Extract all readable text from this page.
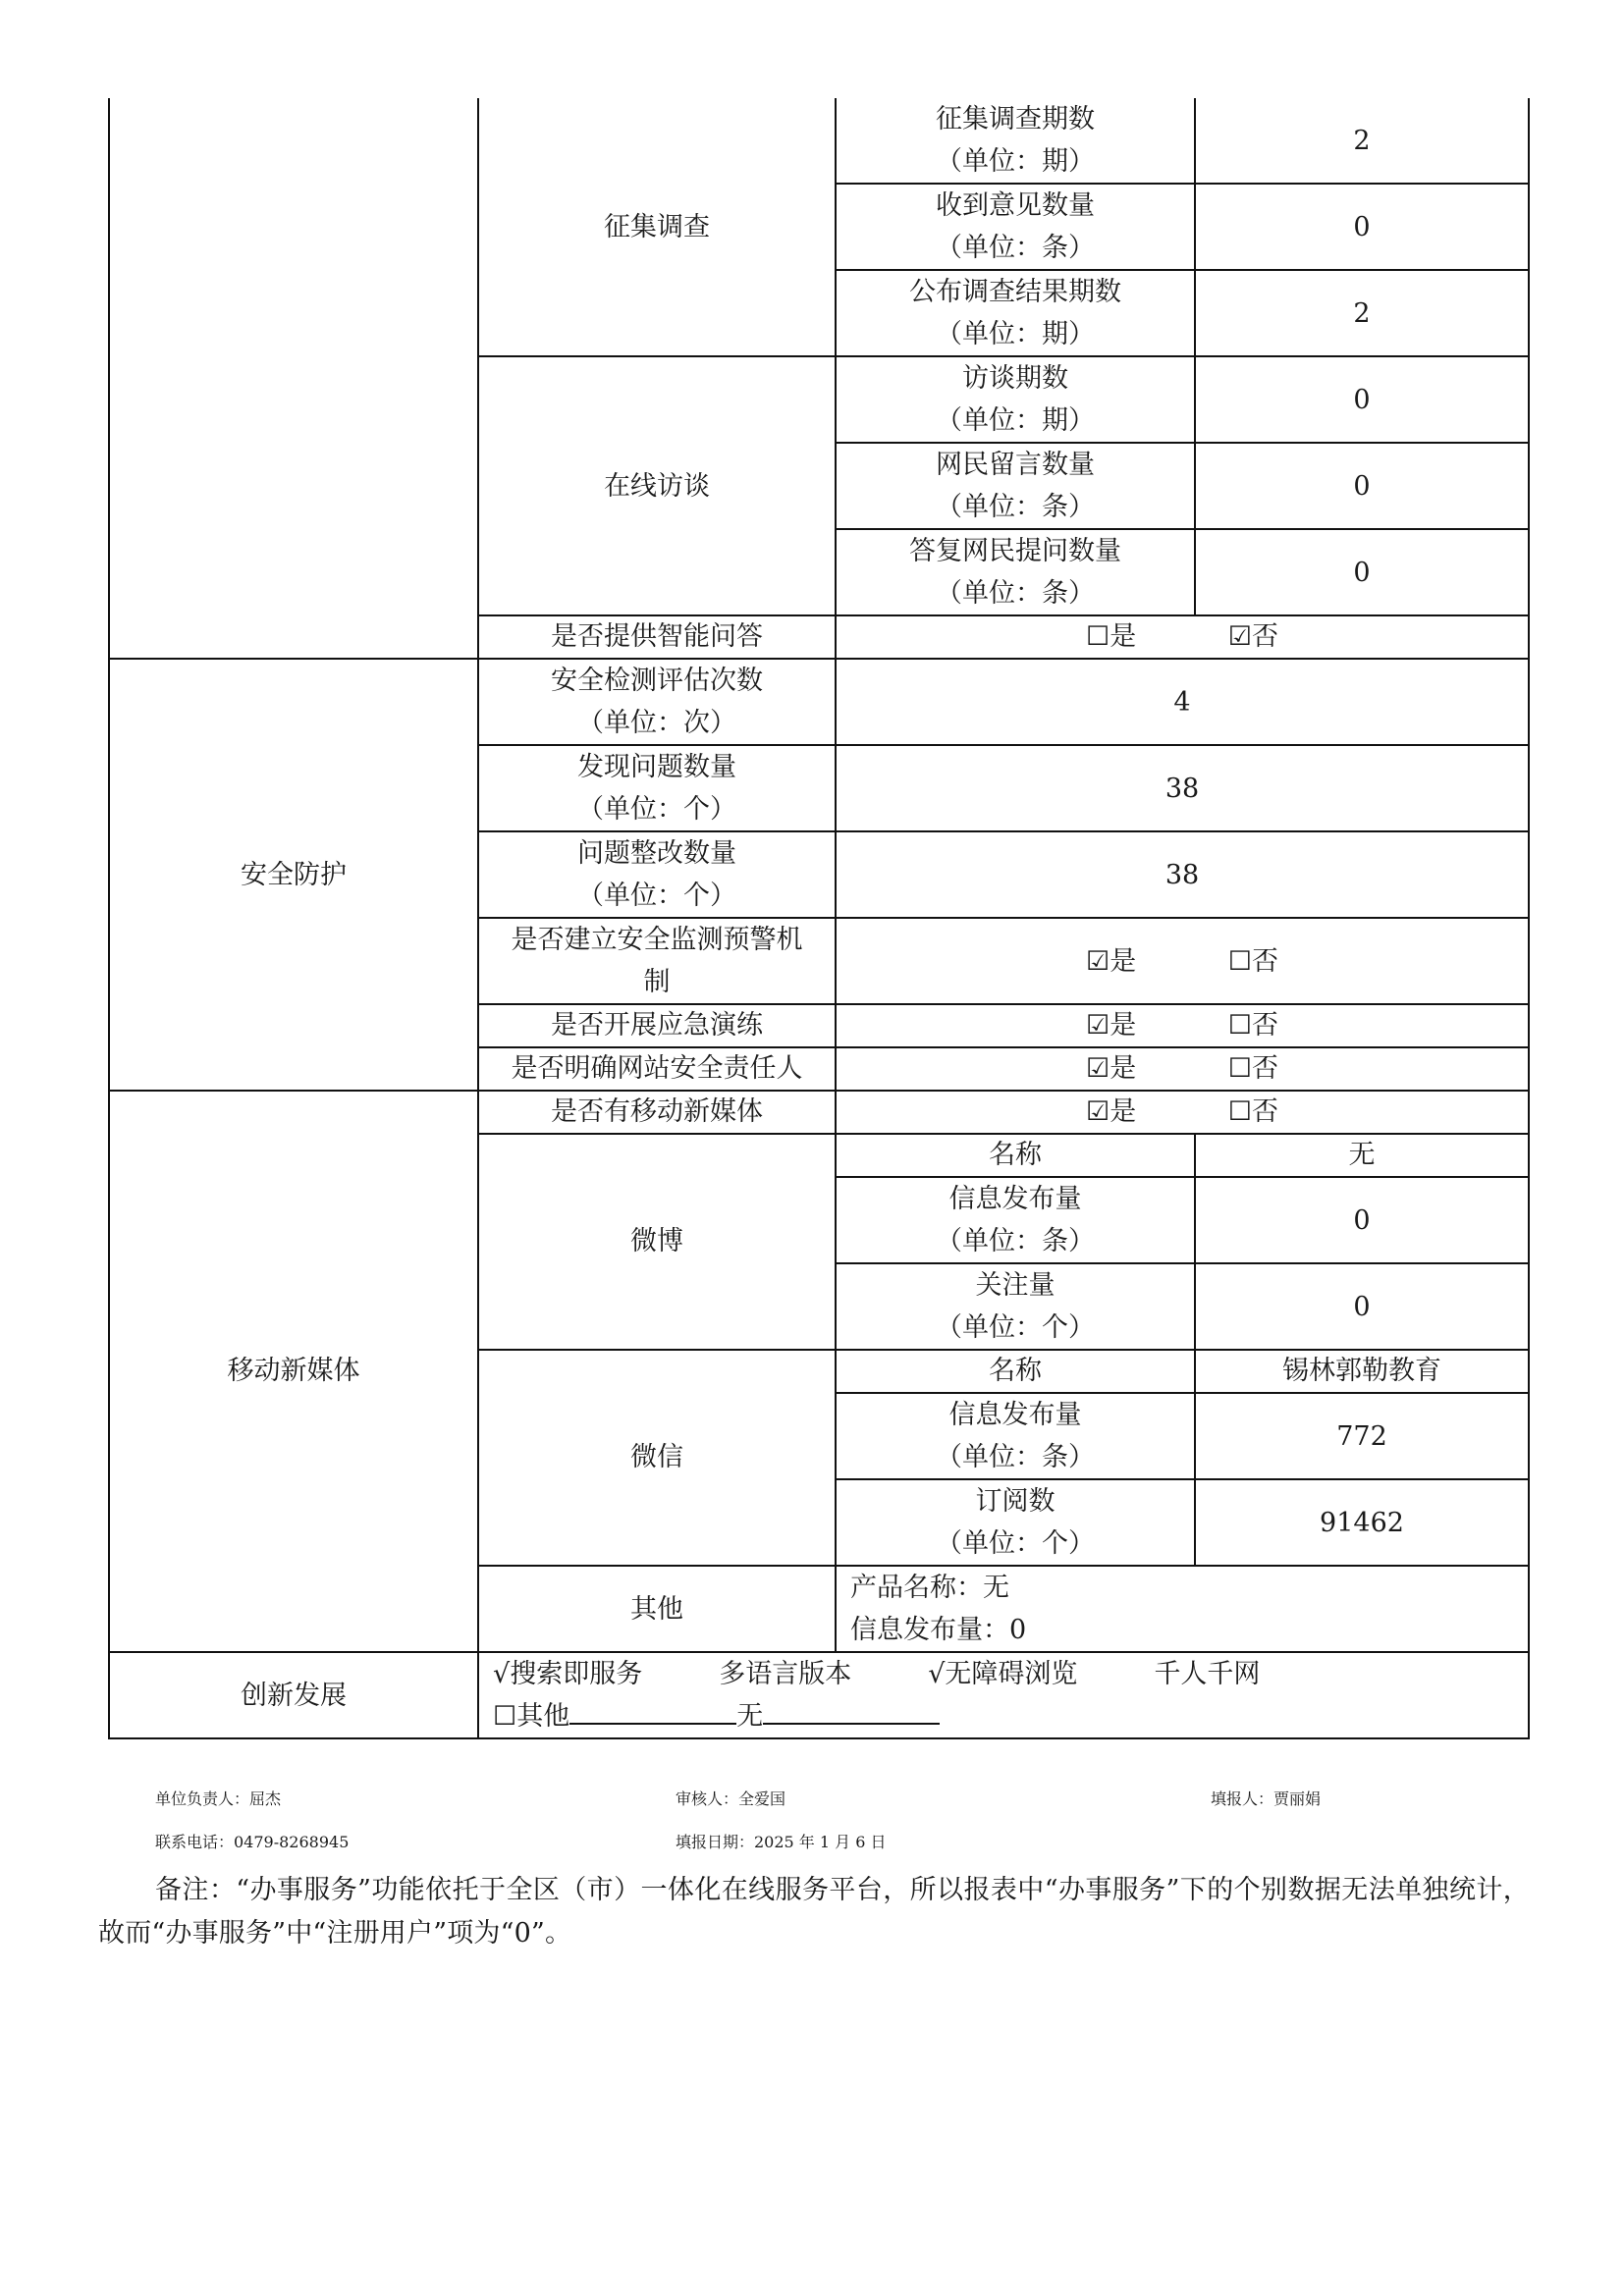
	征集调查	征集调查期数
（单位：期）	2

		收到意见数量
（单位：条）	0

		公布调查结果期数
（单位：期）	2
	在线访谈	访谈期数
（单位：期）	0

		网民留言数量
（单位：条）	0

		答复网民提问数量
（单位：条）	0
	是否提供智能问答	☐是 ☑否	
安全防护	安全检测评估次数
（单位：次）	4	

	发现问题数量
（单位：个）	38	

	问题整改数量
（单位：个）	38	

	是否建立安全监测预警机
制	☑是 ☐否	
	是否开展应急演练	☑是 ☐否	
	是否明确网站安全责任人	☑是 ☐否	
移动新媒体	是否有移动新媒体	☑是 ☐否	
	微博	名称	无

		信息发布量
（单位：条）	0

		关注量
（单位：个）	0
	微信	名称	锡林郭勒教育

		信息发布量
（单位：条）	772

		订阅数
（单位：个）	91462
	其他	产品名称：无
信息发布量：0	

创新发展	√搜索即服务 多语言版本 √无障碍浏览 千人千网
☐其他 无		
单位负责人：屈杰	审核人：全爱国	填报人：贾丽娟
联系电话：0479-8268945	填报日期：2025 年 1 月 6 日
备注：“办事服务”功能依托于全区（市）一体化在线服务平台，所以报表中“办事服务”下的个别数据无法单独统计，故而“办事服务”中“注册用户”项为“0”。
